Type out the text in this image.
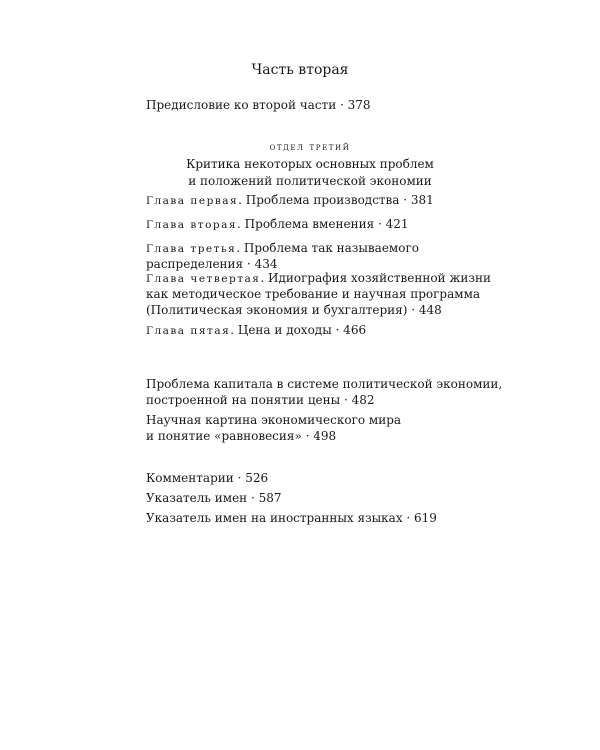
Часть вторая
Предисловие ко второй части · 378
отдел третий
Критика некоторых основных проблем
и положений политической экономии
Глава первая. Проблема производства · 381
Глава вторая. Проблема вменения · 421
Глава третья. Проблема так называемого
распределения · 434
Глава четвертая. Идиография хозяйственной жизни
как методическое требование и научная программа
(Политическая экономия и бухгалтерия) · 448
Глава пятая. Цена и доходы · 466
Проблема капитала в системе политической экономии,
построенной на понятии цены · 482
Научная картина экономического мира
и понятие «равновесия» · 498
Комментарии · 526
Указатель имен · 587
Указатель имен на иностранных языках · 619
